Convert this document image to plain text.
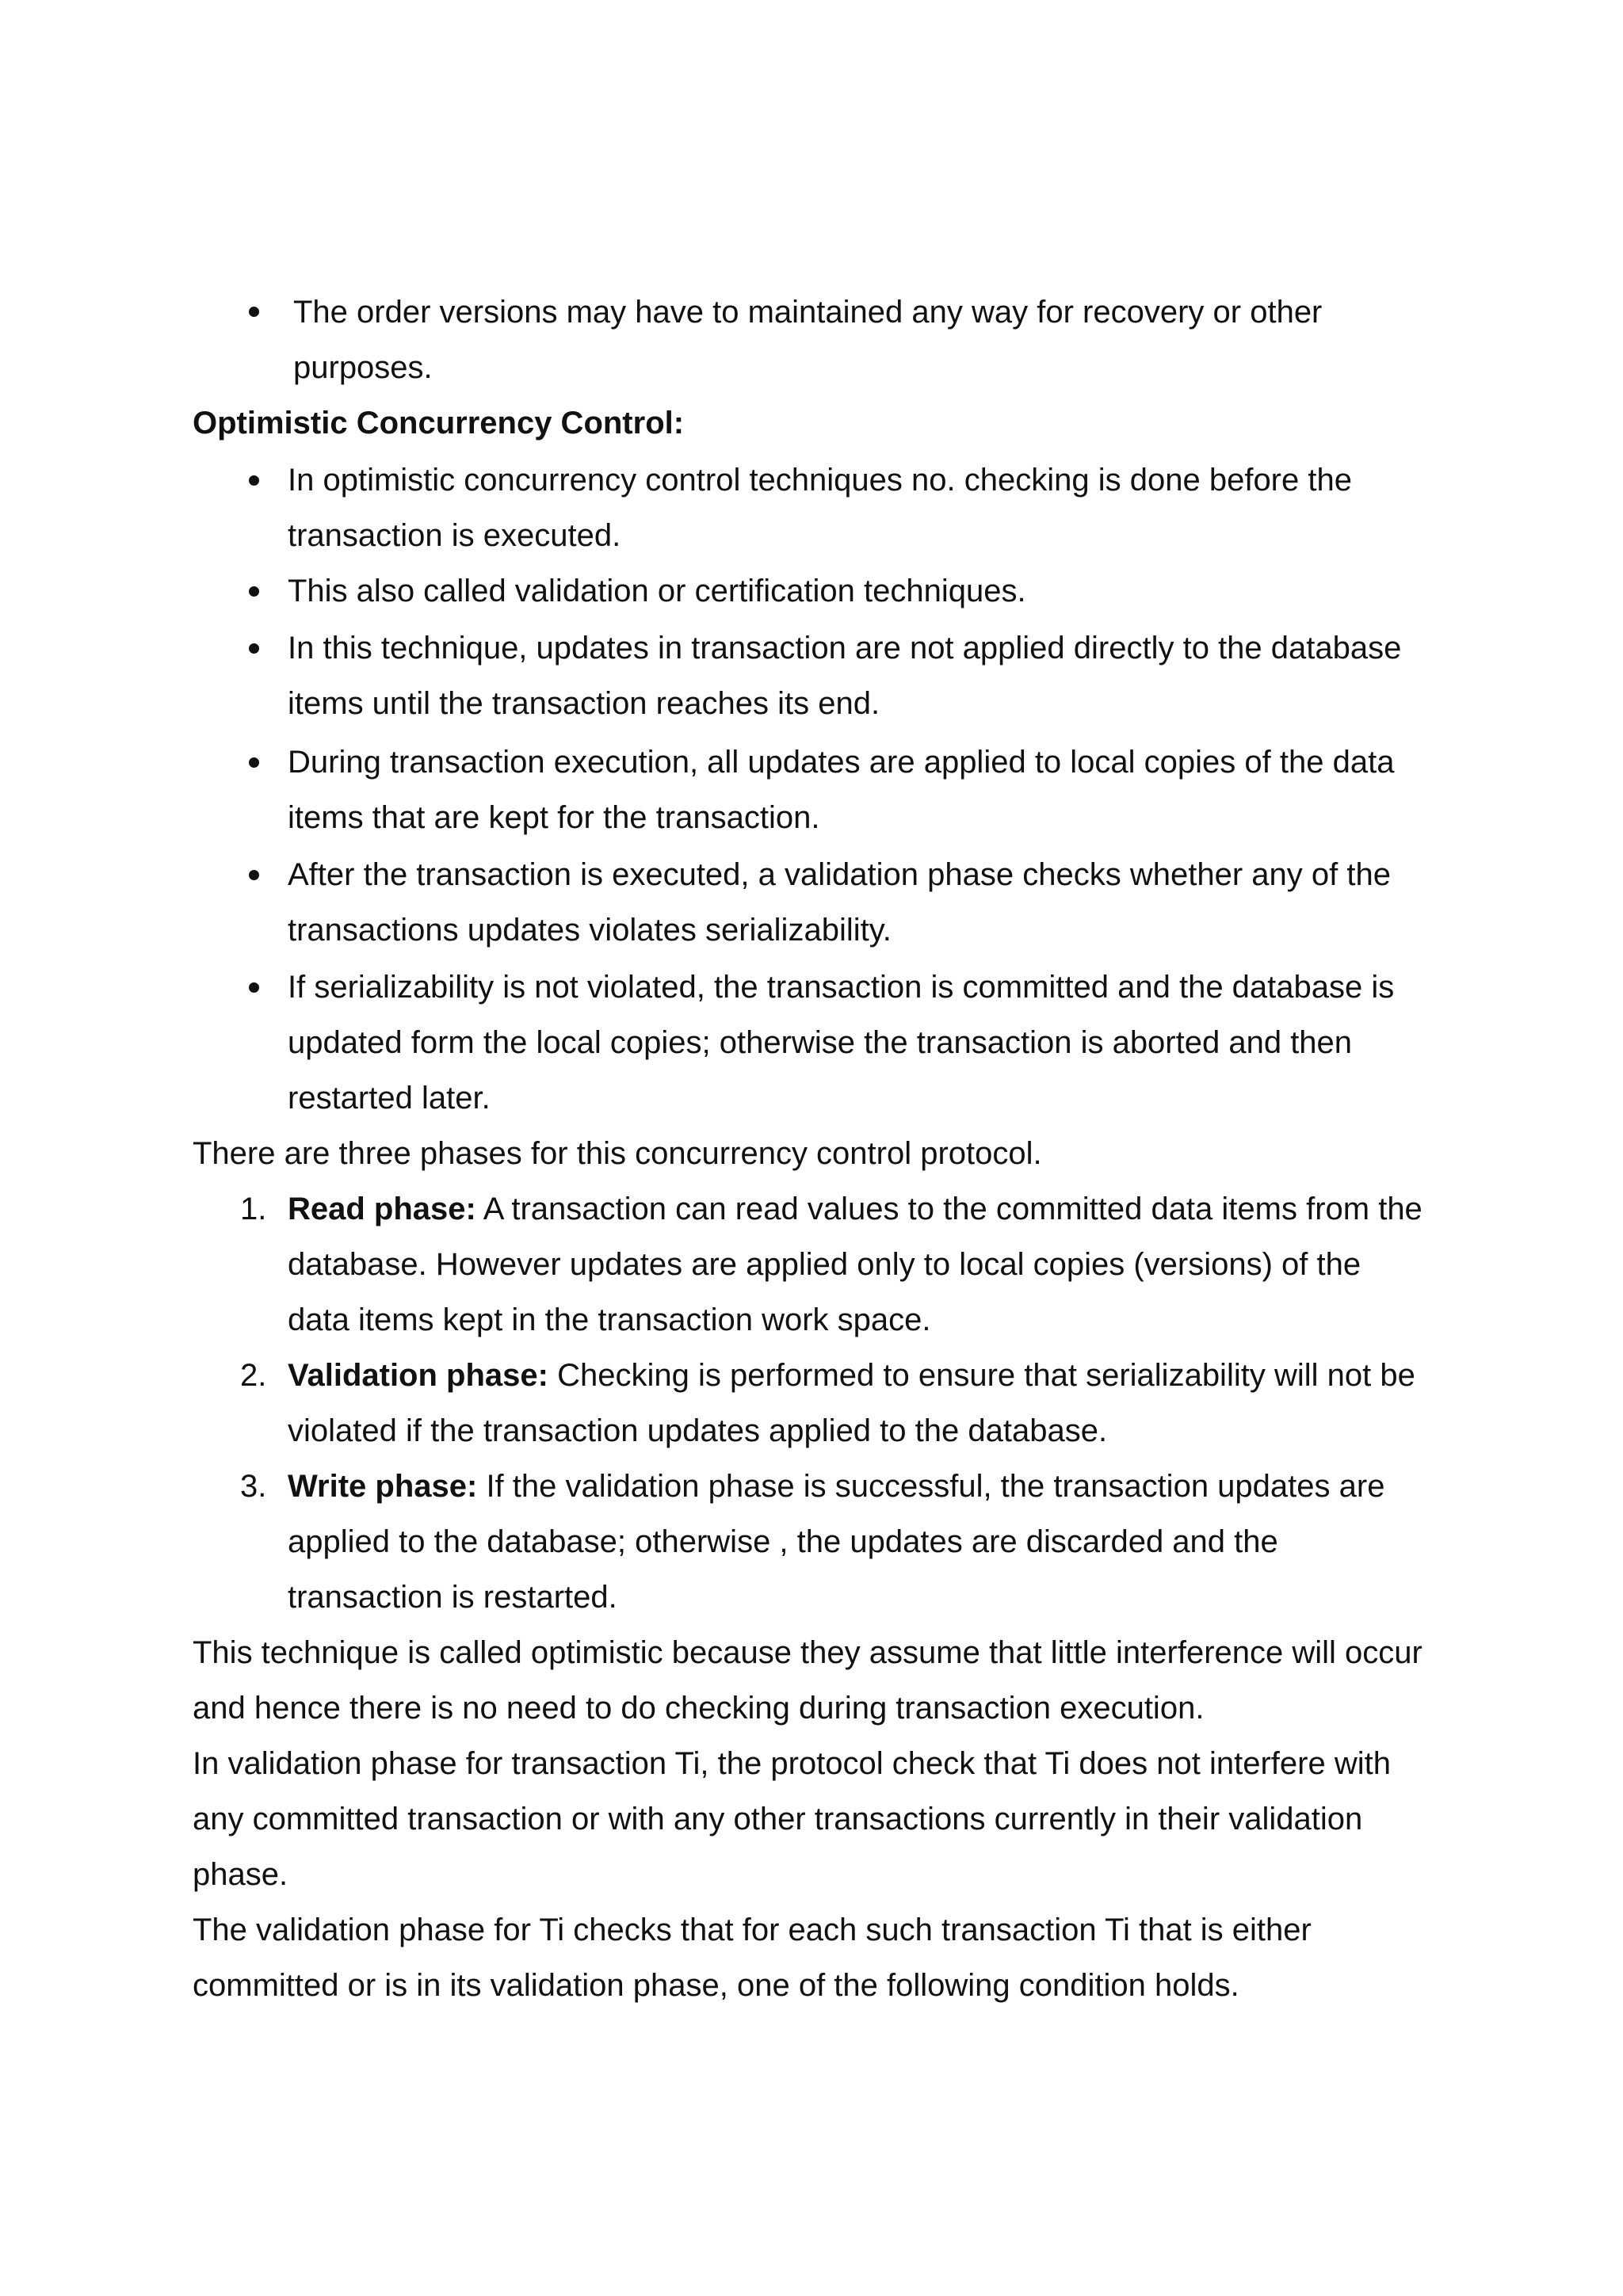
The order versions may have to maintained any way for recovery or other

purposes.

Optimistic Concurrency Control:

In optimistic concurrency control techniques no. checking is done before the

transaction is executed.

This also called validation or certification techniques.

In this technique, updates in transaction are not applied directly to the database

items until the transaction reaches its end.

During transaction execution, all updates are applied to local copies of the data

items that are kept for the transaction.

After the transaction is executed, a validation phase checks whether any of the

transactions updates violates serializability.

If serializability is not violated, the transaction is committed and the database is

updated form the local copies; otherwise the transaction is aborted and then

restarted later.

There are three phases for this concurrency control protocol.

1. Read phase: A transaction can read values to the committed data items from the

database. However updates are applied only to local copies (versions) of the

data items kept in the transaction work space.

2. Validation phase: Checking is performed to ensure that serializability will not be

violated if the transaction updates applied to the database.

3. Write phase: If the validation phase is successful, the transaction updates are

applied to the database; otherwise , the updates are discarded and the

transaction is restarted.

This technique is called optimistic because they assume that little interference will occur

and hence there is no need to do checking during transaction execution.

In validation phase for transaction Ti, the protocol check that Ti does not interfere with

any committed transaction or with any other transactions currently in their validation

phase.

The validation phase for Ti checks that for each such transaction Ti that is either

committed or is in its validation phase, one of the following condition holds.
